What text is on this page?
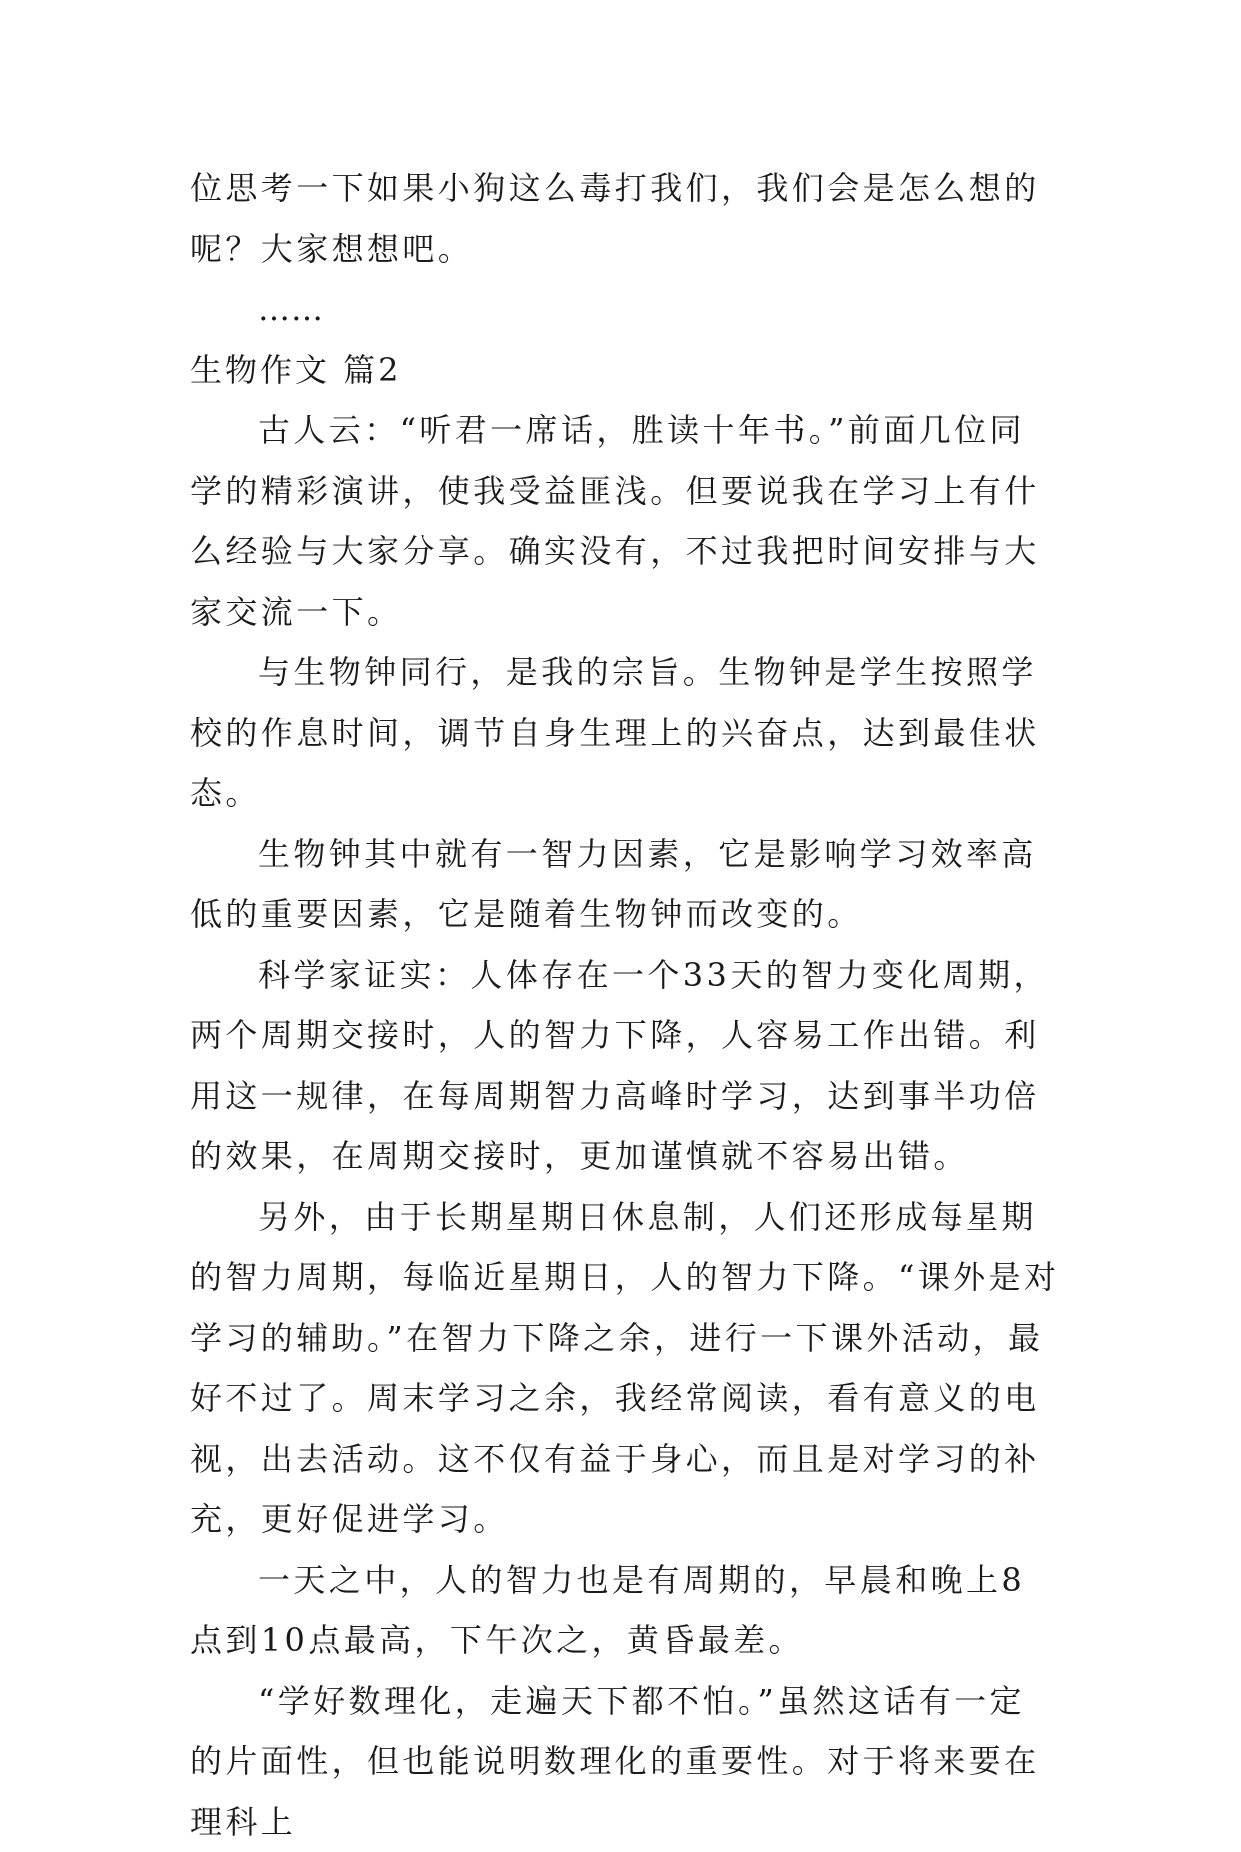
位思考一下如果小狗这么毒打我们，我们会是怎么想的呢？大家想想吧。

……

生物作文 篇2

古人云：“听君一席话，胜读十年书。”前面几位同学的精彩演讲，使我受益匪浅。但要说我在学习上有什么经验与大家分享。确实没有，不过我把时间安排与大家交流一下。

与生物钟同行，是我的宗旨。生物钟是学生按照学校的作息时间，调节自身生理上的兴奋点，达到最佳状态。

生物钟其中就有一智力因素，它是影响学习效率高低的重要因素，它是随着生物钟而改变的。

科学家证实：人体存在一个33天的智力变化周期，两个周期交接时，人的智力下降，人容易工作出错。利用这一规律，在每周期智力高峰时学习，达到事半功倍的效果，在周期交接时，更加谨慎就不容易出错。

另外，由于长期星期日休息制，人们还形成每星期的智力周期，每临近星期日，人的智力下降。“课外是对学习的辅助。”在智力下降之余，进行一下课外活动，最好不过了。周末学习之余，我经常阅读，看有意义的电视，出去活动。这不仅有益于身心，而且是对学习的补充，更好促进学习。

一天之中，人的智力也是有周期的，早晨和晚上8点到10点最高，下午次之，黄昏最差。

“学好数理化，走遍天下都不怕。”虽然这话有一定的片面性，但也能说明数理化的重要性。对于将来要在理科上
